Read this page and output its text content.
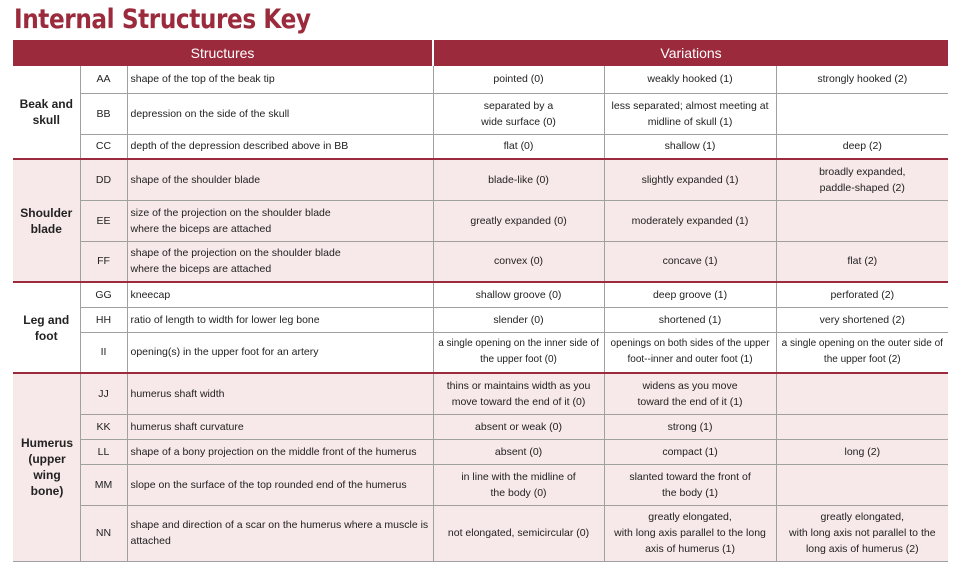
Internal Structures Key
Structures			Variations		
Beak and skull	AA	shape of the top of the beak tip	pointed (0)	weakly hooked (1)	strongly hooked (2)
	BB	depression on the side of the skull	separated by a
wide surface (0)	less separated; almost meeting at
midline of skull (1)	

	CC	depth of the depression described above in BB	flat (0)	shallow (1)	deep (2)
Shoulder blade	DD	shape of the shoulder blade	blade-like (0)	slightly expanded (1)	broadly expanded,
paddle-shaped (2)

	EE	size of the projection on the shoulder blade
where the biceps are attached	greatly expanded (0)	moderately expanded (1)	
	FF	shape of the projection on the shoulder blade
where the biceps are attached	convex (0)	concave (1)	flat (2)
Leg and foot	GG	kneecap	shallow groove (0)	deep groove (1)	perforated (2)
	HH	ratio of length to width for lower leg bone	slender (0)	shortened (1)	very shortened (2)
	II	opening(s) in the upper foot for an artery	a single opening on the inner side of
the upper foot (0)	openings on both sides of the upper
foot--inner and outer foot (1)	a single opening on the outer side of
the upper foot (2)

Humerus (upper wing bone)	JJ	humerus shaft width	thins or maintains width as you
move toward the end of it (0)	widens as you move
toward the end of it (1)	

	KK	humerus shaft curvature	absent or weak (0)	strong (1)	
	LL	shape of a bony projection on the middle front of the humerus	absent (0)	compact (1)	long (2)
	MM	slope on the surface of the top rounded end of the humerus	in line with the midline of
the body (0)	slanted toward the front of
the body (1)	

	NN	shape and direction of a scar on the humerus where a muscle is
attached	not elongated, semicircular (0)	greatly elongated,
with long axis parallel to the long
axis of humerus (1)	greatly elongated,
with long axis not parallel to the
long axis of humerus (2)
